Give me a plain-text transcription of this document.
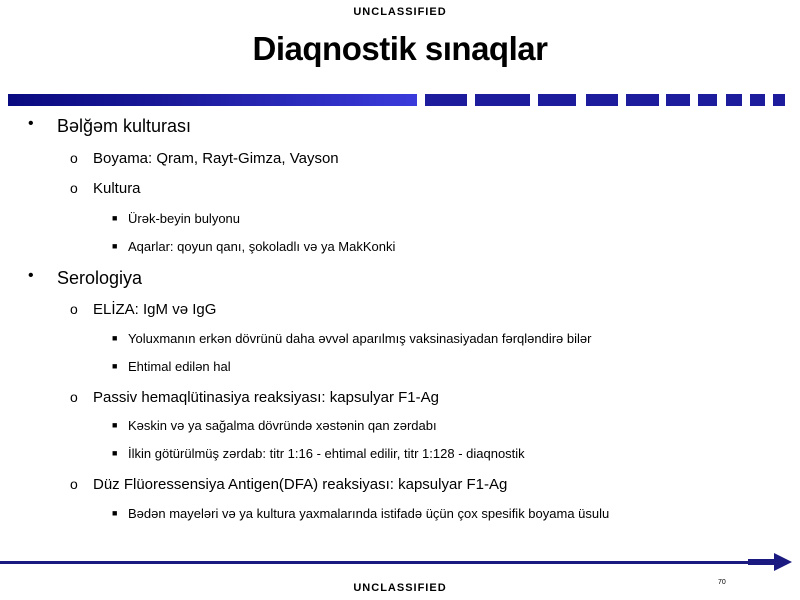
UNCLASSIFIED
Diaqnostik sınaqlar
• Bǝlğǝm kulturası
o Boyama: Qram, Rayt-Gimza, Vayson
o Kultura
■ Ürǝk-beyin bulyonu
■ Aqarlar: qoyun qanı, şokoladlı vǝ ya MakKonki
• Serologiya
o ELİZA: IgM vǝ IgG
■ Yoluxmanın erkǝn dövrünü daha ǝvvǝl aparılmış vaksinasiyadan fǝrqlǝndirǝ bilǝr
■ Ehtimal edilǝn hal
o Passiv hemaqlütinasiya reaksiyası: kapsulyar F1-Ag
■ Kǝskin vǝ ya sağalma dövründǝ xǝstǝnin qan zǝrdabı
■ İlkin götürülmüş zǝrdab: titr 1:16 - ehtimal edilir, titr 1:128 - diaqnostik
o Düz Flüoressensiya Antigen(DFA) reaksiyası: kapsulyar F1-Ag
■ Bǝdǝn mayelǝri vǝ ya kultura yaxmalarında istifadǝ üçün çox spesifik boyama üsulu
70
UNCLASSIFIED
